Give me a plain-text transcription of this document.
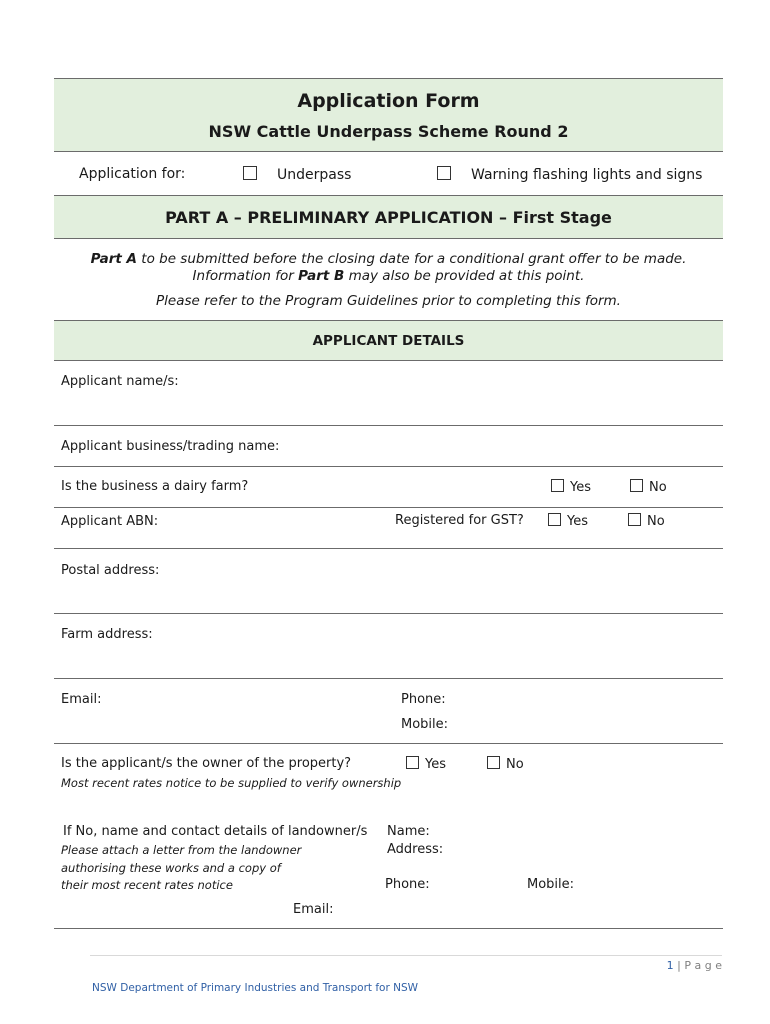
Application Form
NSW Cattle Underpass Scheme Round 2
Application for:	Underpass	Warning flashing lights and signs
PART A – PRELIMINARY APPLICATION – First Stage
Part A to be submitted before the closing date for a conditional grant offer to be made.
Information for Part B may also be provided at this point.
Please refer to the Program Guidelines prior to completing this form.
APPLICANT DETAILS
Applicant name/s:
Applicant business/trading name:
Is the business a dairy farm?	Yes	No
Applicant ABN:	Registered for GST?	Yes	No
Postal address:
Farm address:
Email:	Phone:
Mobile:
Is the applicant/s the owner of the property?	Yes	No
Most recent rates notice to be supplied to verify ownership
If No, name and contact details of landowner/s
Please attach a letter from the landowner
authorising these works and a copy of
their most recent rates notice
Name:
Address:
Phone:	Mobile:
Email:
1 | P a g e
NSW Department of Primary Industries and Transport for NSW
